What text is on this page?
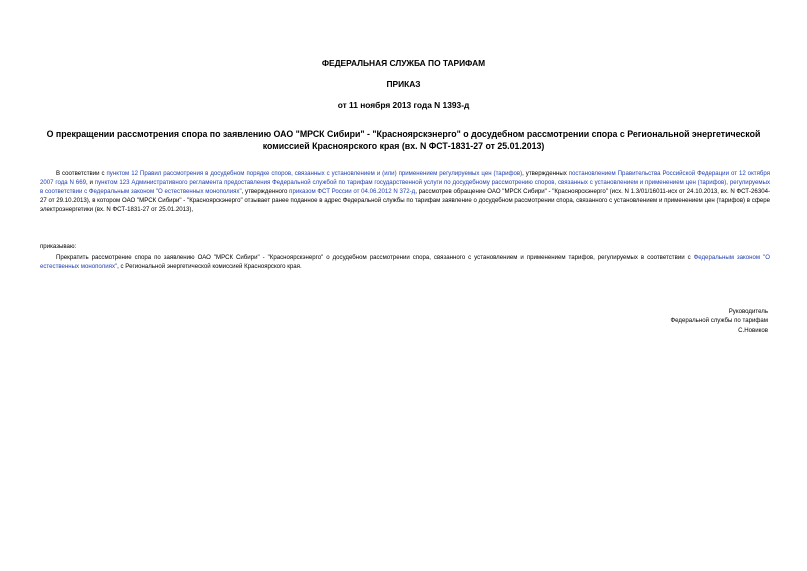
ФЕДЕРАЛЬНАЯ СЛУЖБА ПО ТАРИФАМ
ПРИКАЗ
от 11 ноября 2013 года N 1393-д
О прекращении рассмотрения спора по заявлению ОАО "МРСК Сибири" - "Красноярскэнерго" о досудебном рассмотрении спора с Региональной энергетической
комиссией Красноярского края (вх. N ФСТ-1831-27 от 25.01.2013)

В соответствии с пунктом 12 Правил рассмотрения в досудебном порядке споров, связанных с установлением и (или) применением регулируемых цен (тарифов), утвержденных постановлением Правительства Российской Федерации от 12 октября 2007 года N 669, и пунктом 123 Административного регламента предоставления Федеральной службой по тарифам государственной услуги по досудебному рассмотрению споров, связанных с установлением и применением цен (тарифов), регулируемых в соответствии с Федеральным законом "О естественных монополиях", утвержденного приказом ФСТ России от 04.06.2012 N 372-д, рассмотрев обращение ОАО "МРСК Сибири" - "Красноярскэнерго" (исх. N 1.3/01/16011-исх от 24.10.2013, вх. N ФСТ-26304-27 от 29.10.2013), в котором ОАО "МРСК Сибири" - "Красноярскэнерго" отзывает ранее поданное в адрес Федеральной службы по тарифам заявление о досудебном рассмотрении спора, связанного с установлением и применением цен (тарифов) в сфере электроэнергетики (вх. N ФСТ-1831-27 от 25.01.2013),

приказываю:

Прекратить рассмотрение спора по заявлению ОАО "МРСК Сибири" - "Красноярскэнерго" о досудебном рассмотрении спора, связанного с установлением и применением тарифов, регулируемых в соответствии с Федеральным законом "О естественных монополиях", с Региональной энергетической комиссией Красноярского края.

Руководитель
Федеральной службы по тарифам
С.Новиков
